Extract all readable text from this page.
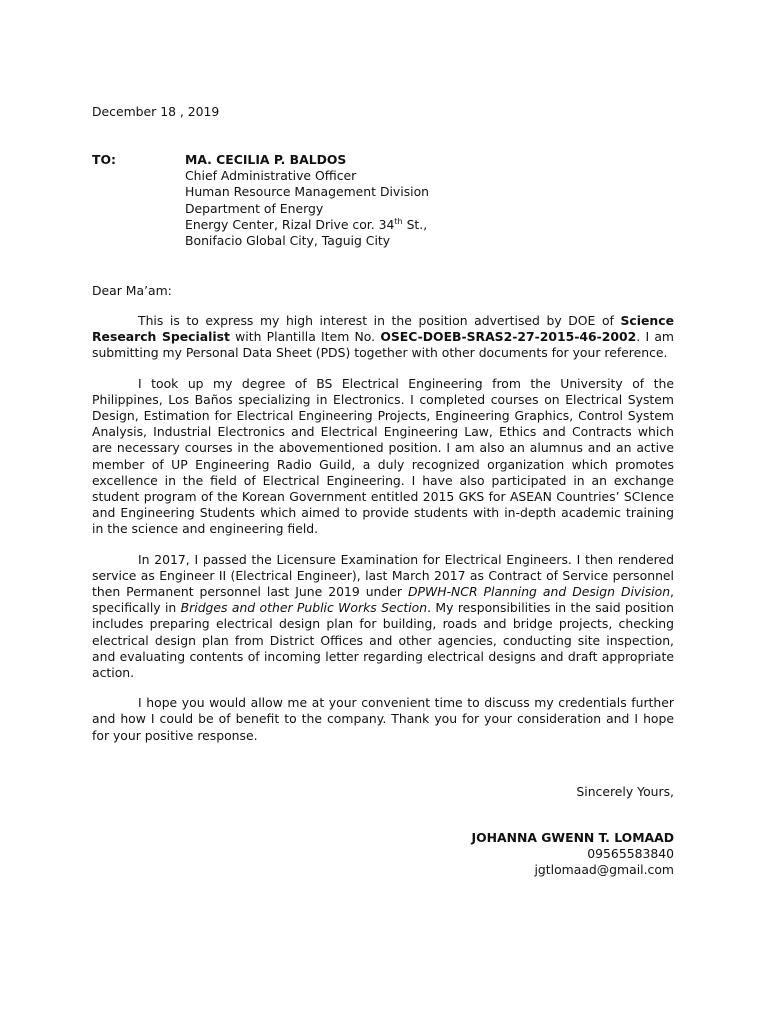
December 18 , 2019
TO:	MA. CECILIA P. BALDOS
Chief Administrative Officer
Human Resource Management Division
Department of Energy
Energy Center, Rizal Drive cor. 34th St.,
Bonifacio Global City, Taguig City
Dear Ma’am:

This is to express my high interest in the position advertised by DOE of Science Research Specialist with Plantilla Item No. OSEC-DOEB-SRAS2-27-2015-46-2002. I am submitting my Personal Data Sheet (PDS) together with other documents for your reference.

I took up my degree of BS Electrical Engineering from the University of the Philippines, Los Baños specializing in Electronics. I completed courses on Electrical System Design, Estimation for Electrical Engineering Projects, Engineering Graphics, Control System Analysis, Industrial Electronics and Electrical Engineering Law, Ethics and Contracts which are necessary courses in the abovementioned position. I am also an alumnus and an active member of UP Engineering Radio Guild, a duly recognized organization which promotes excellence in the field of Electrical Engineering. I have also participated in an exchange student program of the Korean Government entitled 2015 GKS for ASEAN Countries’ SCIence and Engineering Students which aimed to provide students with in-depth academic training in the science and engineering field.

In 2017, I passed the Licensure Examination for Electrical Engineers. I then rendered service as Engineer II (Electrical Engineer), last March 2017 as Contract of Service personnel then Permanent personnel last June 2019 under DPWH-NCR Planning and Design Division, specifically in Bridges and other Public Works Section. My responsibilities in the said position includes preparing electrical design plan for building, roads and bridge projects, checking electrical design plan from District Offices and other agencies, conducting site inspection, and evaluating contents of incoming letter regarding electrical designs and draft appropriate action.

I hope you would allow me at your convenient time to discuss my credentials further and how I could be of benefit to the company. Thank you for your consideration and I hope for your positive response.

Sincerely Yours,
JOHANNA GWENN T. LOMAAD
09565583840
jgtlomaad@gmail.com
